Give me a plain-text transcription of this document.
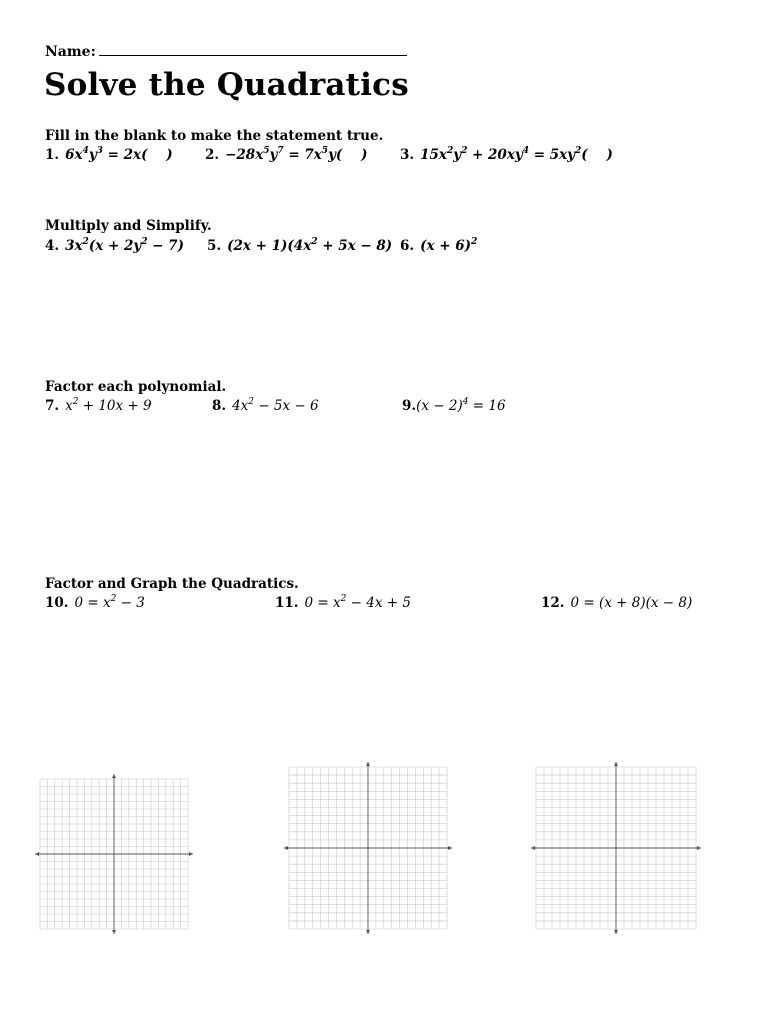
Name:
Solve the Quadratics
Fill in the blank to make the statement true.
1. $6x^4y^3 = 2x$(    ) 2. $-28x^5y^7 = 7x^5y$(    ) 3. $15x^2y^2 + 20xy^4 = 5xy^2$(    )
Multiply and Simplify.
4. $3x^2(x + 2y^2 - 7)$ 5. $(2x + 1)(4x^2 + 5x - 8)$ 6. $(x + 6)^2$
Factor each polynomial.
7. $x^2 + 10x + 9$	8. $4x^2 - 5x - 6$	$9.(x - 2)^4 = 16$
Factor and Graph the Quadratics.
10. $0 = x^2 - 3$	11. $0 = x^2 - 4x + 5$	12. 0 = (x + 8)(x − 8)
